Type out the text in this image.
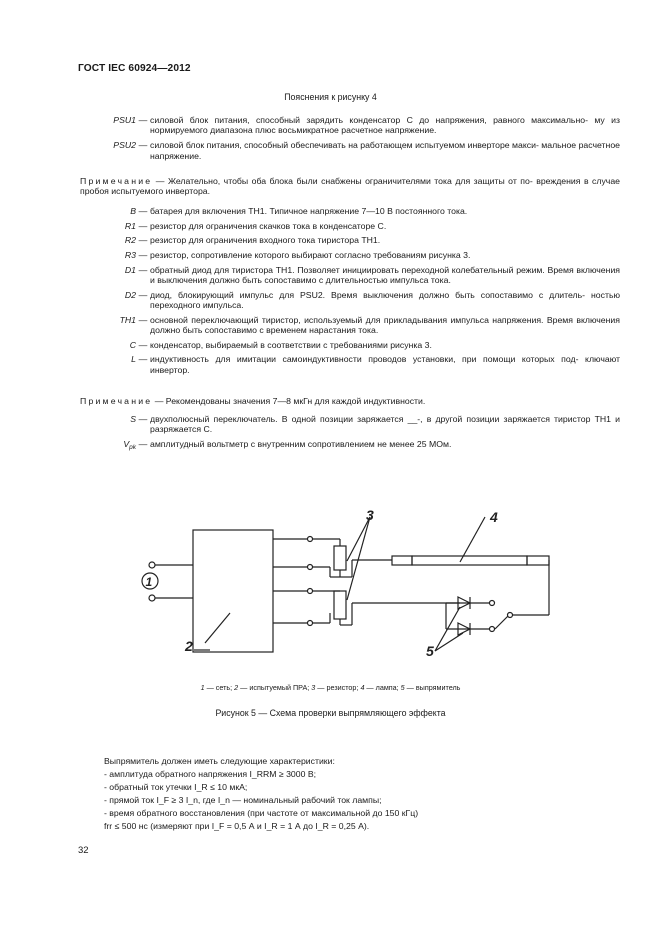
ГОСТ IEC 60924—2012
Пояснения к рисунку 4
PSU1 — силовой блок питания, способный зарядить конденсатор C до напряжения, равного максимально- му из нормируемого диапазона плюс восьмикратное расчетное напряжение.
PSU2 — силовой блок питания, способный обеспечивать на работающем испытуемом инверторе макси- мальное расчетное напряжение.
Примечание — Желательно, чтобы оба блока были снабжены ограничителями тока для защиты от по- вреждения в случае пробоя испытуемого инвертора.
B — батарея для включения TH1. Типичное напряжение 7—10 В постоянного тока.
R1 — резистор для ограничения скачков тока в конденсаторе C.
R2 — резистор для ограничения входного тока тиристора TH1.
R3 — резистор, сопротивление которого выбирают согласно требованиям рисунка 3.
D1 — обратный диод для тиристора TH1. Позволяет инициировать переходной колебательный режим. Время включения и выключения должно быть сопоставимо с длительностью импульса тока.
D2 — диод, блокирующий импульс для PSU2. Время выключения должно быть сопоставимо с длитель- ностью переходного импульса.
TH1 — основной переключающий тиристор, используемый для прикладывания импульса напряжения. Время включения должно быть сопоставимо с временем нарастания тока.
C — конденсатор, выбираемый в соответствии с требованиями рисунка 3.
L — индуктивность для имитации самоиндуктивности проводов установки, при помощи которых под- ключают инвертор.
Примечание — Рекомендованы значения 7—8 мкГн для каждой индуктивности.
S — двухполюсный переключатель. В одной позиции заряжается __-, в другой позиции заряжается тиристор TH1 и разряжается C.
$V_{pk}$ — амплитудный вольтметр с внутренним сопротивлением не менее 25 МОм.
1
2
3	4
5
1 — сеть; 2 — испытуемый ПРА; 3 — резистор; 4 — лампа; 5 — выпрямитель
Рисунок 5 — Схема проверки выпрямляющего эффекта
Выпрямитель должен иметь следующие характеристики:
- амплитуда обратного напряжения I_RRM ≥ 3000 В;
- обратный ток утечки I_R ≤ 10 мкА;
- прямой ток I_F ≥ 3 I_n, где I_n — номинальный рабочий ток лампы;
- время обратного восстановления (при частоте от максимальной до 150 кГц)
frr ≤ 500 нс (измеряют при I_F = 0,5 А и I_R = 1 А до I_R = 0,25 А).
32
